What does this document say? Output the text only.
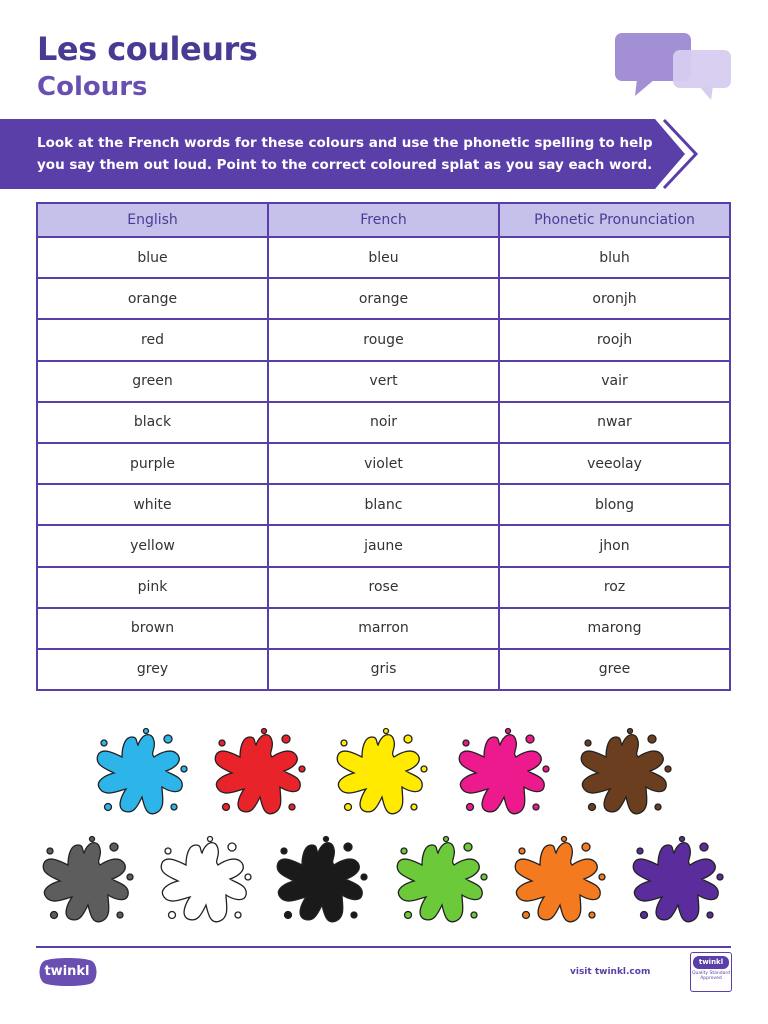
Les couleurs
Colours
Look at the French words for these colours and use the phonetic spelling to help you say them out loud. Point to the correct coloured splat as you say each word.
English	French	Phonetic Pronunciation
blue	bleu	bluh
orange	orange	oronjh
red	rouge	roojh
green	vert	vair
black	noir	nwar
purple	violet	veeolay
white	blanc	blong
yellow	jaune	jhon
pink	rose	roz
brown	marron	marong
grey	gris	gree
twinkl	visit twinkl.com
twinkl
Quality Standard Approved
